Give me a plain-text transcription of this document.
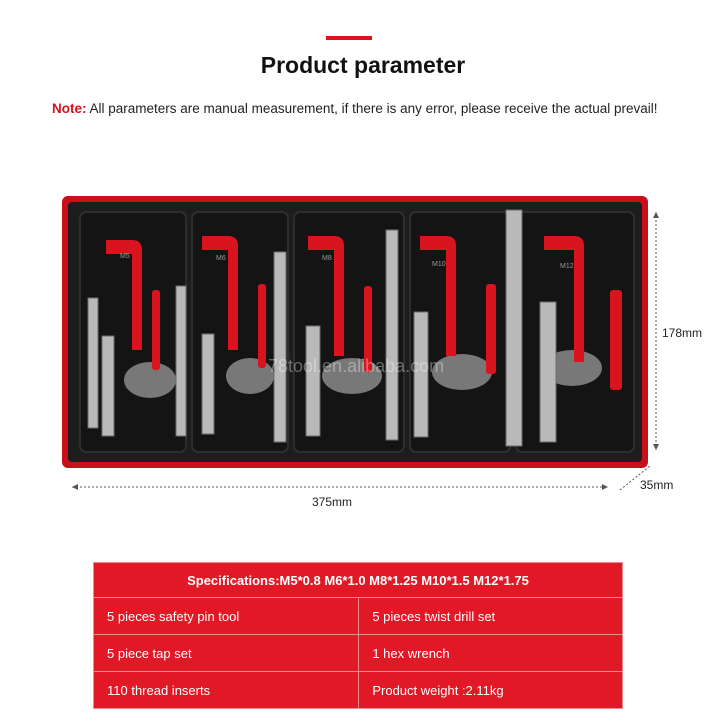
Product parameter
Note: All parameters are manual measurement, if there is any error, please receive the actual prevail!
M5	M6	M8
M10	M12
78tool.en.alibaba.com
375mm
178mm
35mm
Specifications:M5*0.8 M6*1.0 M8*1.25 M10*1.5 M12*1.75	
5 pieces safety pin tool	5 pieces twist drill set
5 piece tap set	1 hex wrench
110 thread inserts	Product weight :2.11kg
